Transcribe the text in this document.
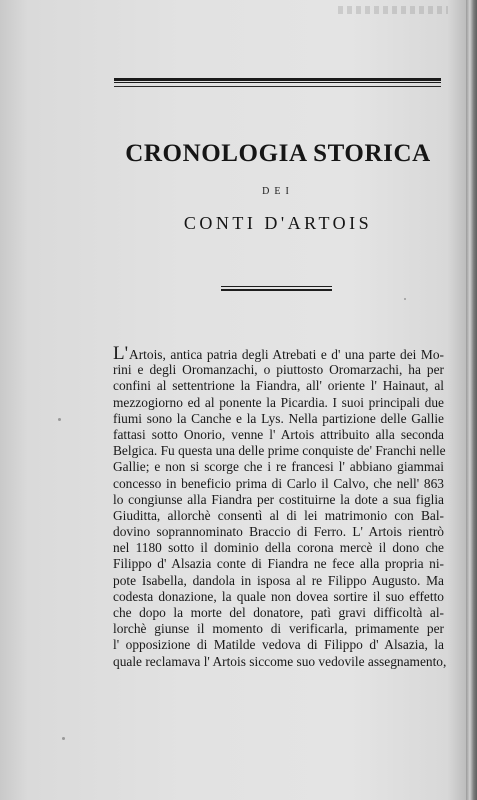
CRONOLOGIA STORICA
DEI
CONTI D'ARTOIS
L'Artois, antica patria degli Atrebati e d' una parte dei Mo-
rini e degli Oromanzachi, o piuttosto Oromarzachi, ha per
confini al settentrione la Fiandra, all' oriente l' Hainaut, al
mezzogiorno ed al ponente la Picardia. I suoi principali due
fiumi sono la Canche e la Lys. Nella partizione delle Gallie
fattasi sotto Onorio, venne l' Artois attribuito alla seconda
Belgica. Fu questa una delle prime conquiste de' Franchi nelle
Gallie; e non si scorge che i re francesi l' abbiano giammai
concesso in beneficio prima di Carlo il Calvo, che nell' 863
lo congiunse alla Fiandra per costituirne la dote a sua figlia
Giuditta, allorchè consentì al di lei matrimonio con Bal-
dovino soprannominato Braccio di Ferro. L' Artois rientrò
nel 1180 sotto il dominio della corona mercè il dono che
Filippo d' Alsazia conte di Fiandra ne fece alla propria ni-
pote Isabella, dandola in isposa al re Filippo Augusto. Ma
codesta donazione, la quale non dovea sortire il suo effetto
che dopo la morte del donatore, patì gravi difficoltà al-
lorchè giunse il momento di verificarla, primamente per
l' opposizione di Matilde vedova di Filippo d' Alsazia, la
quale reclamava l' Artois siccome suo vedovile assegnamento,
